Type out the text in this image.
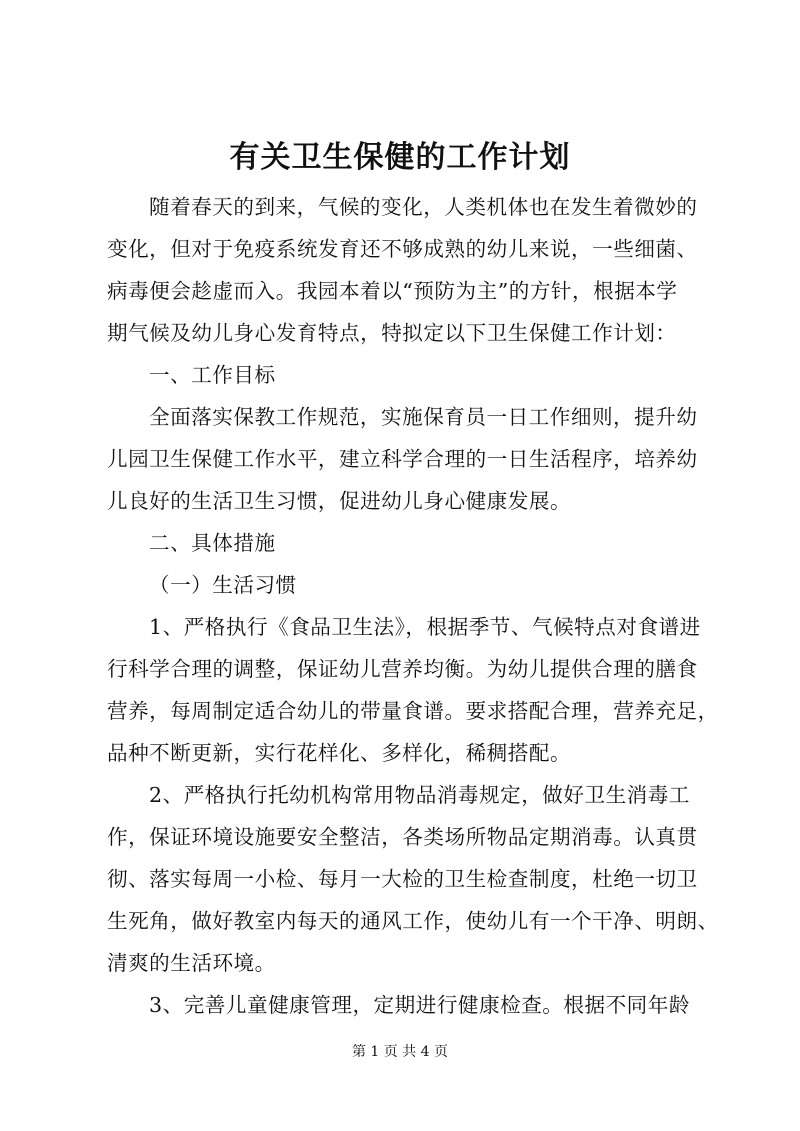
有关卫生保健的工作计划
随着春天的到来，气候的变化，人类机体也在发生着微妙的
变化，但对于免疫系统发育还不够成熟的幼儿来说，一些细菌、
病毒便会趁虚而入。我园本着以“预防为主”的方针，根据本学
期气候及幼儿身心发育特点，特拟定以下卫生保健工作计划：
一、工作目标
全面落实保教工作规范，实施保育员一日工作细则，提升幼
儿园卫生保健工作水平，建立科学合理的一日生活程序，培养幼
儿良好的生活卫生习惯，促进幼儿身心健康发展。
二、具体措施
（一）生活习惯
1、严格执行《食品卫生法》，根据季节、气候特点对食谱进
行科学合理的调整，保证幼儿营养均衡。为幼儿提供合理的膳食
营养，每周制定适合幼儿的带量食谱。要求搭配合理，营养充足，
品种不断更新，实行花样化、多样化，稀稠搭配。
2、严格执行托幼机构常用物品消毒规定，做好卫生消毒工
作，保证环境设施要安全整洁，各类场所物品定期消毒。认真贯
彻、落实每周一小检、每月一大检的卫生检查制度，杜绝一切卫
生死角，做好教室内每天的通风工作，使幼儿有一个干净、明朗、
清爽的生活环境。
3、完善儿童健康管理，定期进行健康检查。根据不同年龄
第 1 页 共 4 页
